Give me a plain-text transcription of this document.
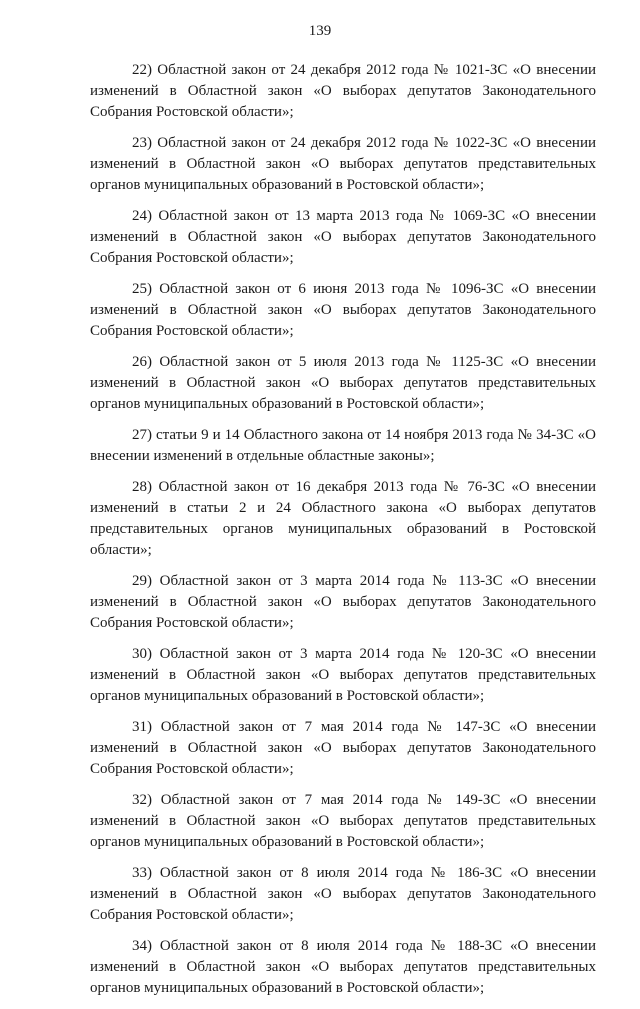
139

22) Областной закон от 24 декабря 2012 года № 1021-ЗС «О внесении изменений в Областной закон «О выборах депутатов Законодательного Собрания Ростовской области»;

23) Областной закон от 24 декабря 2012 года № 1022-ЗС «О внесении изменений в Областной закон «О выборах депутатов представительных органов муниципальных образований в Ростовской области»;

24) Областной закон от 13 марта 2013 года № 1069-ЗС «О внесении изменений в Областной закон «О выборах депутатов Законодательного Собрания Ростовской области»;

25) Областной закон от 6 июня 2013 года № 1096-ЗС «О внесении изменений в Областной закон «О выборах депутатов Законодательного Собрания Ростовской области»;

26) Областной закон от 5 июля 2013 года № 1125-ЗС «О внесении изменений в Областной закон «О выборах депутатов представительных органов муниципальных образований в Ростовской области»;

27) статьи 9 и 14 Областного закона от 14 ноября 2013 года № 34-ЗС «О внесении изменений в отдельные областные законы»;

28) Областной закон от 16 декабря 2013 года № 76-ЗС «О внесении изменений в статьи 2 и 24 Областного закона «О выборах депутатов представительных органов муниципальных образований в Ростовской области»;

29) Областной закон от 3 марта 2014 года № 113-ЗС «О внесении изменений в Областной закон «О выборах депутатов Законодательного Собрания Ростовской области»;

30) Областной закон от 3 марта 2014 года № 120-ЗС «О внесении изменений в Областной закон «О выборах депутатов представительных органов муниципальных образований в Ростовской области»;

31) Областной закон от 7 мая 2014 года № 147-ЗС «О внесении изменений в Областной закон «О выборах депутатов Законодательного Собрания Ростовской области»;

32) Областной закон от 7 мая 2014 года № 149-ЗС «О внесении изменений в Областной закон «О выборах депутатов представительных органов муниципальных образований в Ростовской области»;

33) Областной закон от 8 июля 2014 года № 186-ЗС «О внесении изменений в Областной закон «О выборах депутатов Законодательного Собрания Ростовской области»;

34) Областной закон от 8 июля 2014 года № 188-ЗС «О внесении изменений в Областной закон «О выборах депутатов представительных органов муниципальных образований в Ростовской области»;
